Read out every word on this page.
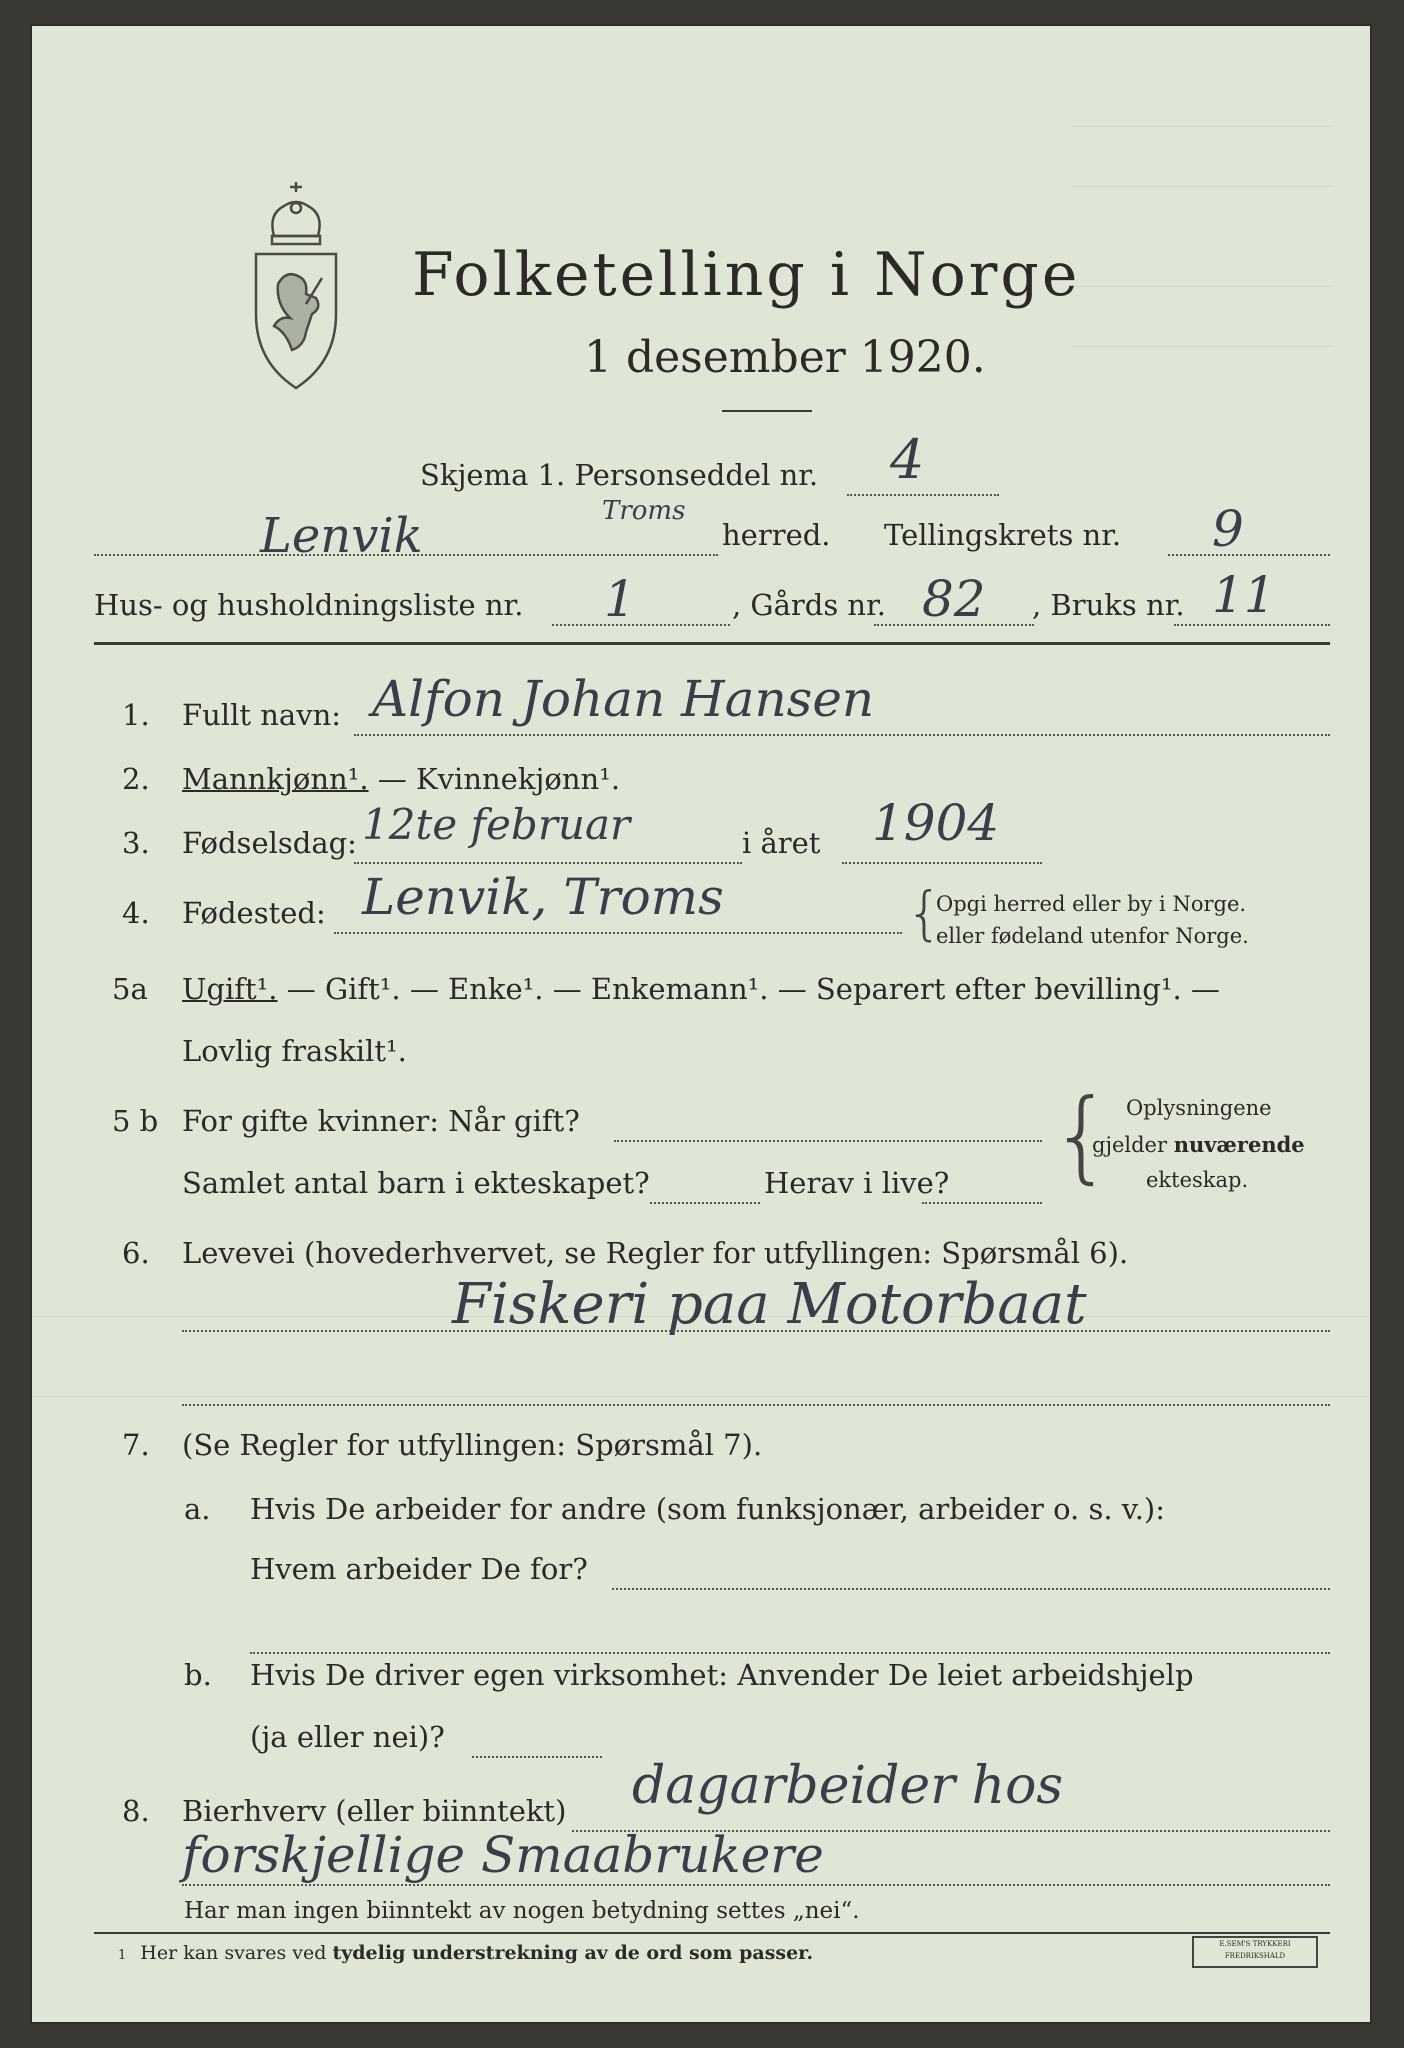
Folketelling i Norge
1 desember 1920.
Skjema 1. Personseddel nr. 4
Lenvik	Troms
herred. Tellingskrets nr. 9
Hus- og husholdningsliste nr. 1	, Gårds nr. 82 , Bruks nr. 11
1. Fullt navn: Alfon Johan Hansen
2. Mannkjønn¹. — Kvinnekjønn¹.
3. Fødselsdag: 12te februar	i året 1904
4. Fødested: Lenvik, Troms	{
Opgi herred eller by i Norge.
eller fødeland utenfor Norge.
5a Ugift¹. — Gift¹. — Enke¹. — Enkemann¹. — Separert efter bevilling¹. —
Lovlig fraskilt¹.
5 b For gifte kvinner: Når gift?
Samlet antal barn i ekteskapet?	Herav i live? { Oplysningene
gjelder nuværende
ekteskap.
6. Levevei (hovederhvervet, se Regler for utfyllingen: Spørsmål 6).
Fiskeri paa Motorbaat
7. (Se Regler for utfyllingen: Spørsmål 7).
a. Hvis De arbeider for andre (som funksjonær, arbeider o. s. v.):
Hvem arbeider De for?
b. Hvis De driver egen virksomhet: Anvender De leiet arbeidshjelp
(ja eller nei)?
8. Bierhverv (eller biinntekt) dagarbeider hos
forskjellige Smaabrukere
Har man ingen biinntekt av nogen betydning settes „nei“.
1 Her kan svares ved tydelig understrekning av de ord som passer.	E.SEM'S TRYKKERI
FREDRIKSHALD
